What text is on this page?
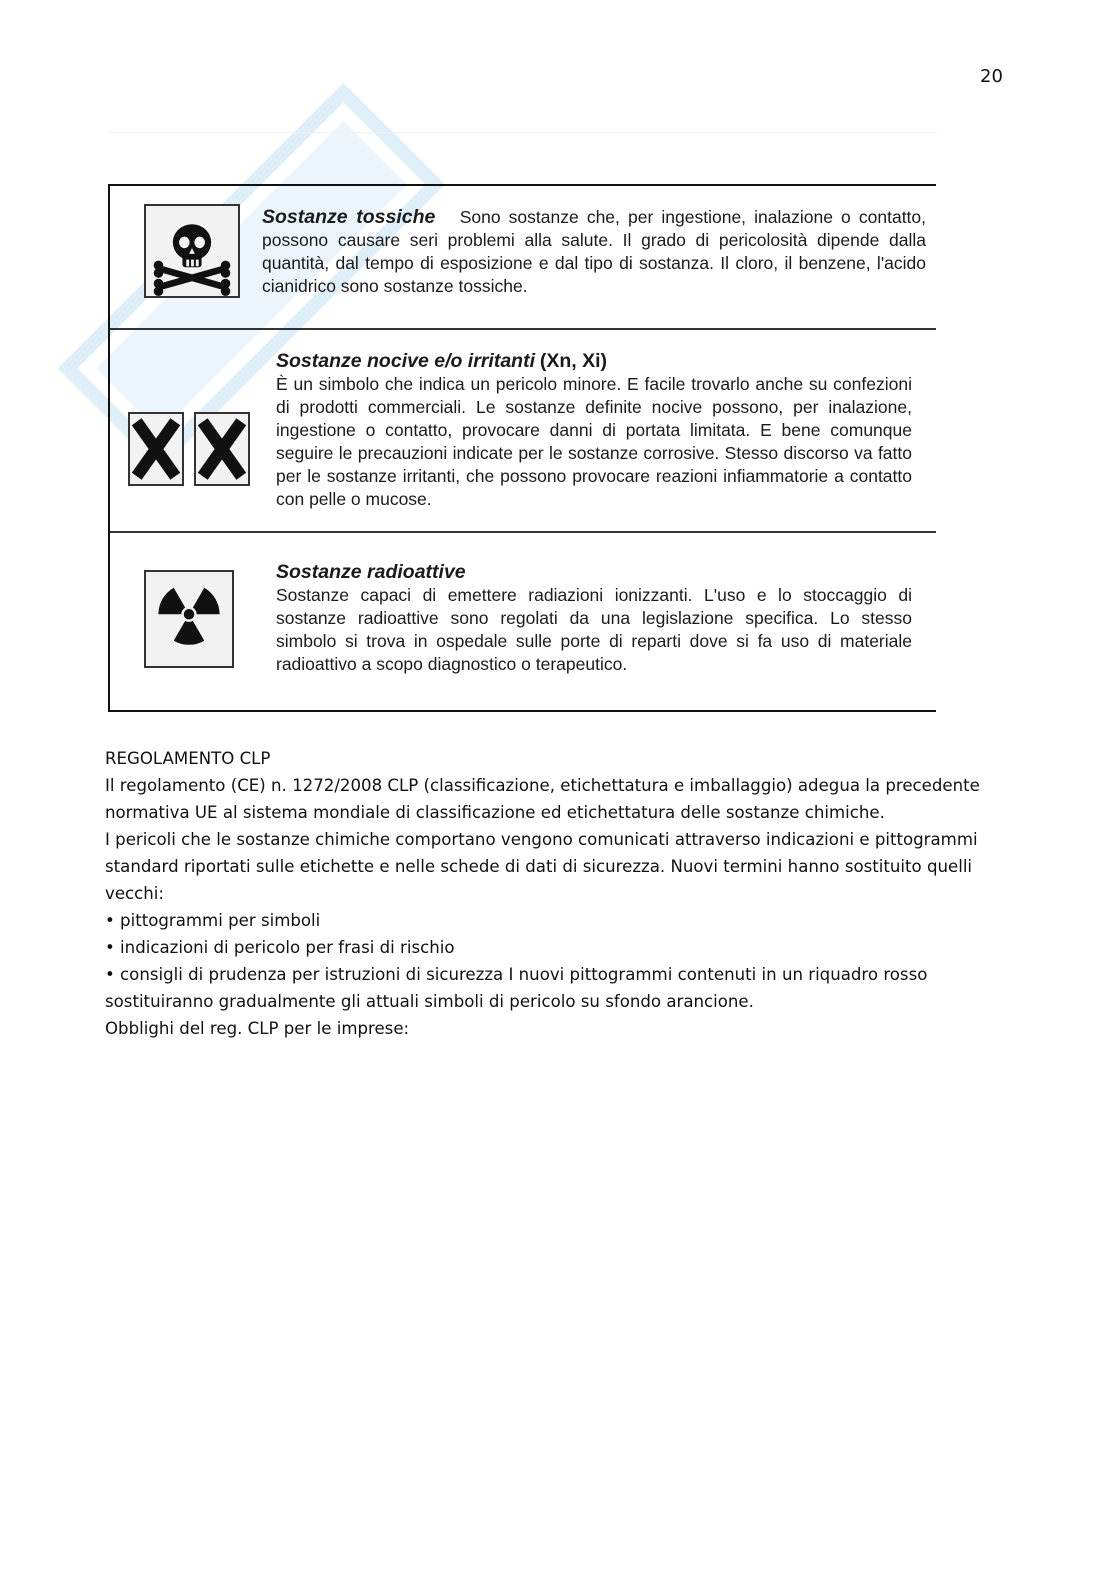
20
Sostanze tossiche Sono sostanze che, per ingestione, inalazione o contatto, possono causare seri problemi alla salute. Il grado di pericolosità dipende dalla quantità, dal tempo di esposizione e dal tipo di sostanza. Il cloro, il benzene, l'acido cianidrico sono sostanze tossiche.
Sostanze nocive e/o irritanti (Xn, Xi)
È un simbolo che indica un pericolo minore. E facile trovarlo anche su confezioni di prodotti commerciali. Le sostanze definite nocive possono, per inalazione, ingestione o contatto, provocare danni di portata limitata. E bene comunque seguire le precauzioni indicate per le sostanze corrosive. Stesso discorso va fatto per le sostanze irritanti, che possono provocare reazioni infiammatorie a contatto con pelle o mucose.
Sostanze radioattive
Sostanze capaci di emettere radiazioni ionizzanti. L'uso e lo stoccaggio di sostanze radioattive sono regolati da una legislazione specifica. Lo stesso simbolo si trova in ospedale sulle porte di reparti dove si fa uso di materiale radioattivo a scopo diagnostico o terapeutico.

REGOLAMENTO CLP

Il regolamento (CE) n. 1272/2008 CLP (classificazione, etichettatura e imballaggio) adegua la precedente normativa UE al sistema mondiale di classificazione ed etichettatura delle sostanze chimiche.

I pericoli che le sostanze chimiche comportano vengono comunicati attraverso indicazioni e pittogrammi standard riportati sulle etichette e nelle schede di dati di sicurezza. Nuovi termini hanno sostituito quelli vecchi:

• pittogrammi per simboli

• indicazioni di pericolo per frasi di rischio

• consigli di prudenza per istruzioni di sicurezza I nuovi pittogrammi contenuti in un riquadro rosso sostituiranno gradualmente gli attuali simboli di pericolo su sfondo arancione.

Obblighi del reg. CLP per le imprese:
